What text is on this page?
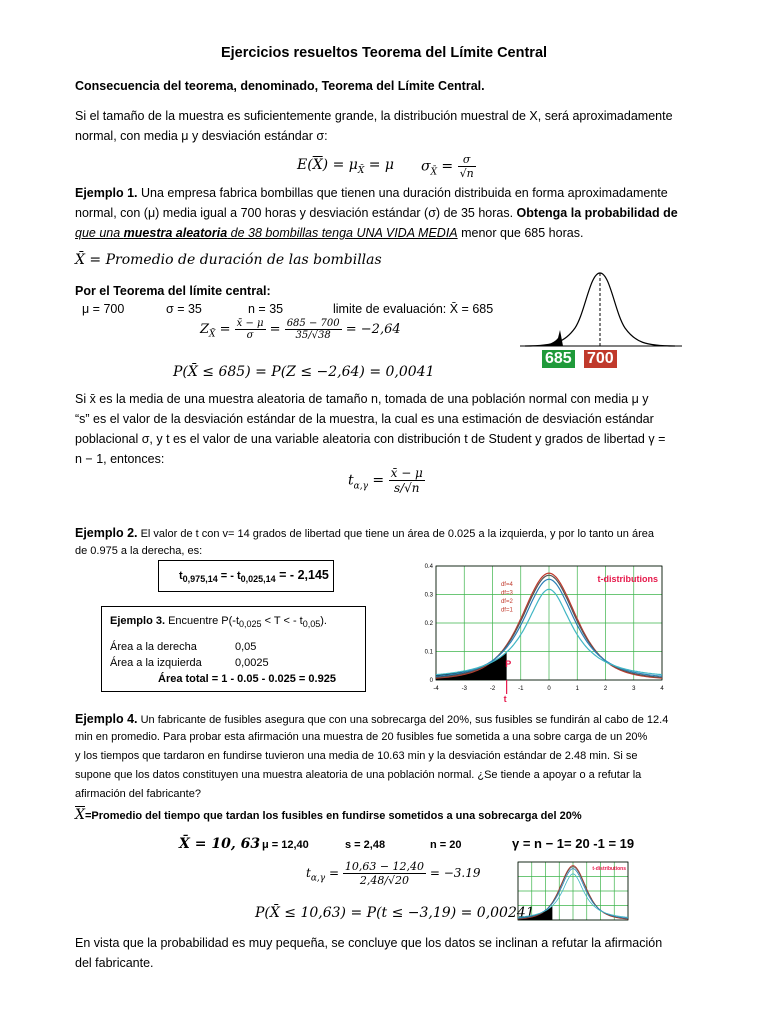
Ejercicios resueltos Teorema del Límite Central
Consecuencia del teorema, denominado, Teorema del Límite Central.
Si el tamaño de la muestra es suficientemente grande, la distribución muestral de X, será aproximadamente
normal, con media μ y desviación estándar σ:
$E(\overline{X}) = \mu_{X̄} = \mu$ $\sigma_{X̄} = \frac{\sigma}{√n}$
Ejemplo 1. Una empresa fabrica bombillas que tienen una duración distribuida en forma aproximadamente
normal, con (μ) media igual a 700 horas y desviación estándar (σ) de 35 horas. Obtenga la probabilidad de
que una muestra aleatoria de 38 bombillas tenga UNA VIDA MEDIA menor que 685 horas.
X̄ = Promedio de duración de las bombillas
Por el Teorema del límite central:
μ = 700	σ = 35	n = 35	limite de evaluación: X̄ = 685
$Z_{X̄} = \frac{x̄ - \mu}{\sigma} = \frac{685 - 700}{35/√38} = -2,64$
P(X̄ ≤ 685) = P(Z ≤ −2,64) = 0,0041
685 700
Si x̄ es la media de una muestra aleatoria de tamaño n, tomada de una población normal con media μ y
“s” es el valor de la desviación estándar de la muestra, la cual es una estimación de desviación estándar
poblacional σ, y t es el valor de una variable aleatoria con distribución t de Student y grados de libertad γ =
n − 1, entonces:
$t_{\alpha,\gamma} = \frac{x̄ - \mu}{s/√n}$
Ejemplo 2. El valor de t con v= 14 grados de libertad que tiene un área de 0.025 a la izquierda, y por lo tanto un área
de 0.975 a la derecha, es:
$t_{0,975,14}$ = - $t_{0,025,14}$ = - 2,145
Ejemplo 3. Encuentre $P(-t_{0,025} < T$ < - $t_{0,05}$).
Área a la derecha	0,05
Área a la izquierda	0,0025
Área total = 1 - 0.05 - 0.025 = 0.925
-4	-3	-2	-1	0	1	2	3	4
0.4
0.3
0.2
0.1
0
t-distributions
df=4
df=3
df=2
df=1
P
t
Ejemplo 4. Un fabricante de fusibles asegura que con una sobrecarga del 20%, sus fusibles se fundirán al cabo de 12.4
min en promedio. Para probar esta afirmación una muestra de 20 fusibles fue sometida a una sobre carga de un 20%
y los tiempos que tardaron en fundirse tuvieron una media de 10.63 min y la desviación estándar de 2.48 min. Si se
supone que los datos constituyen una muestra aleatoria de una población normal. ¿Se tiende a apoyar o a refutar la
afirmación del fabricante?
$\overline{X}=Promedio$ del tiempo que tardan los fusibles en fundirse sometidos a una sobrecarga del 20%
X̄ = 10, 63 μ = 12,40	s = 2,48	n = 20	γ = n − 1= 20 -1 = 19
$t_{\alpha,\gamma} = \frac{10,63 - 12,40}{2,48/√20} = -3.19$
P(X̄ ≤ 10,63) = P(t ≤ −3,19) = 0,00241
t-distributions
En vista que la probabilidad es muy pequeña, se concluye que los datos se inclinan a refutar la afirmación
del fabricante.
